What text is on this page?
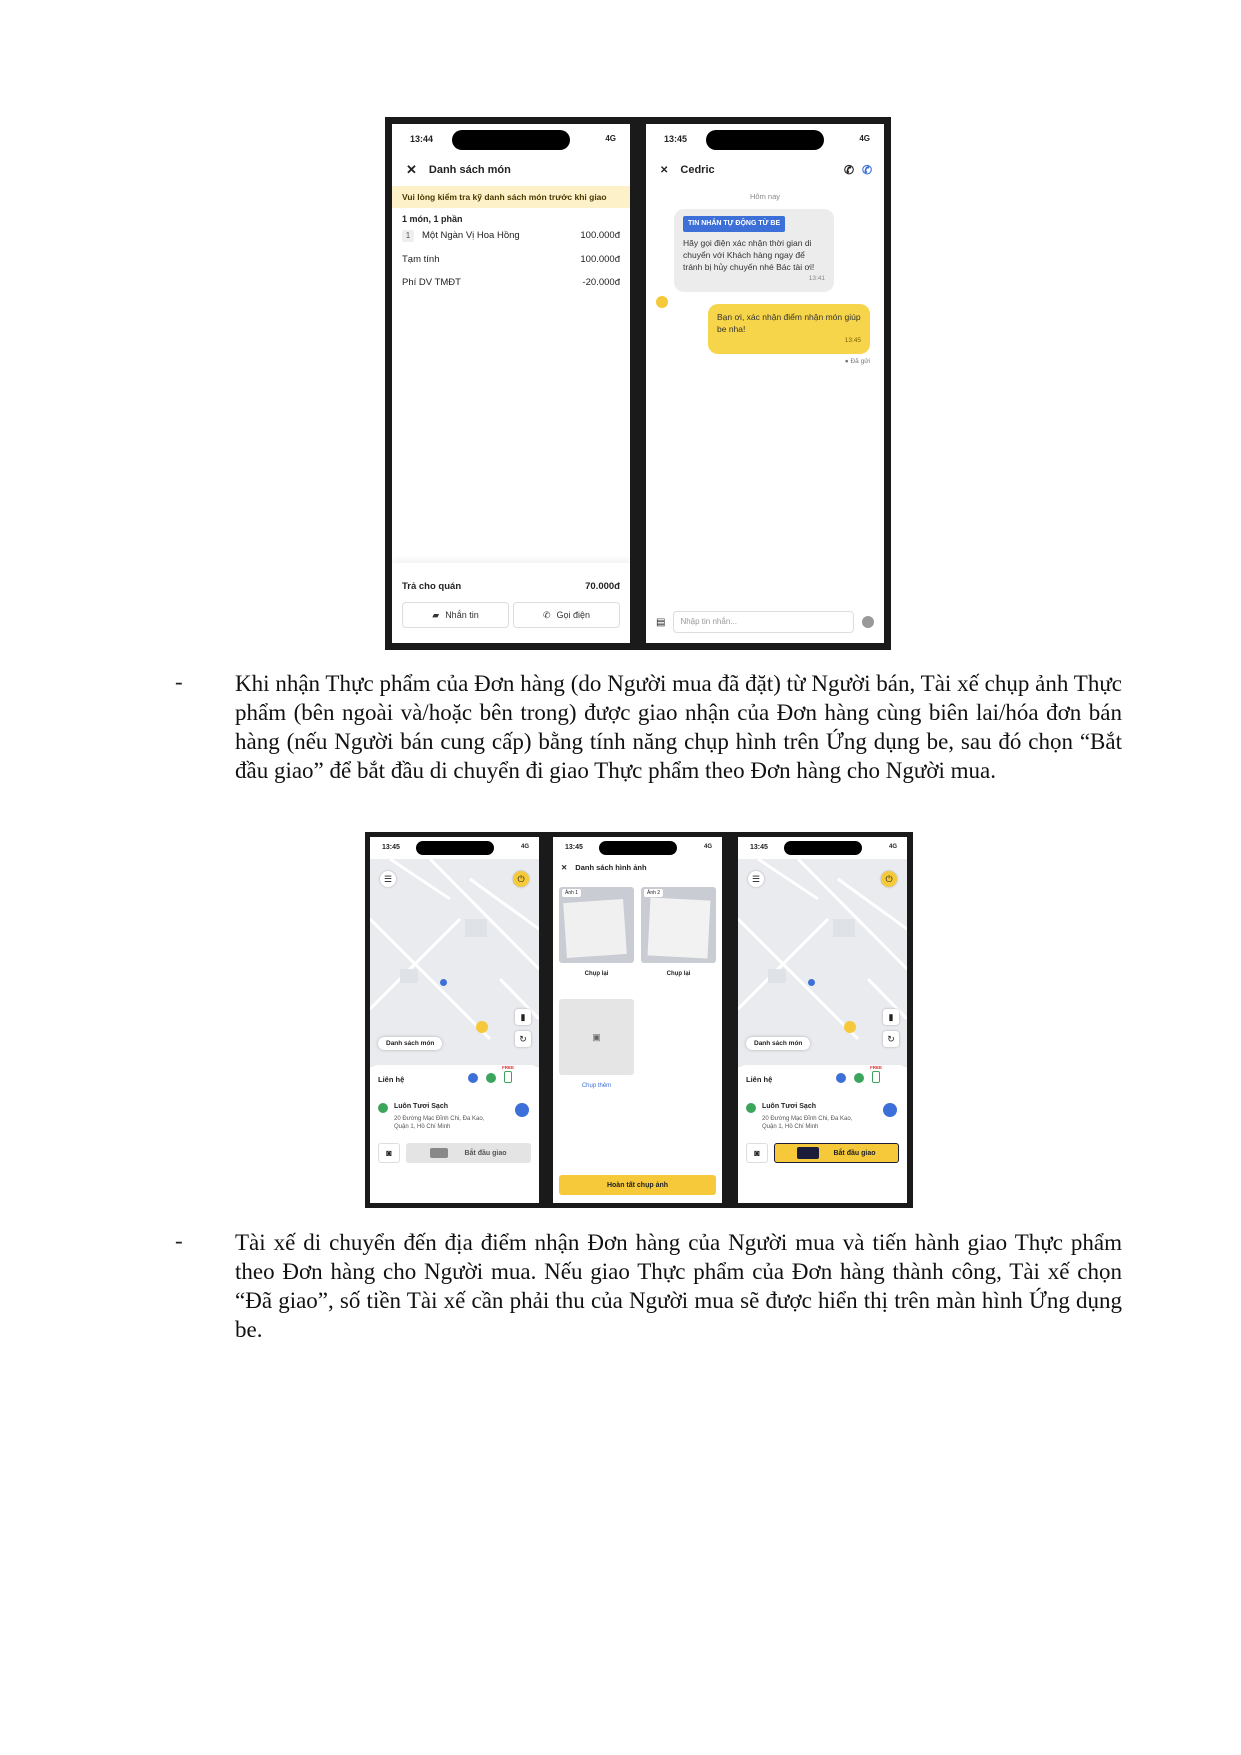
13:44	4G
✕ Danh sách món
Vui lòng kiểm tra kỹ danh sách món trước khi giao
1 món, 1 phần
1 Một Ngàn Vị Hoa Hồng	100.000đ
Tạm tính	100.000đ
Phí DV TMĐT	-20.000đ
Trả cho quán	70.000đ
▰ Nhắn tin	✆ Gọi điện
13:45	4G
✕ Cedric	✆ ✆
Hôm nay
TIN NHẮN TỰ ĐỘNG TỪ BE
Hãy gọi điện xác nhận thời gian di chuyển với Khách hàng ngay để tránh bị hủy chuyến nhé Bác tài ơi!
13:41
Bạn ơi, xác nhận điểm nhận món giúp be nha!
13:45
● Đã gửi
▤	Nhập tin nhắn...
- Khi nhận Thực phẩm của Đơn hàng (do Người mua đã đặt) từ Người bán, Tài xế chụp ảnh Thực phẩm (bên ngoài và/hoặc bên trong) được giao nhận của Đơn hàng cùng biên lai/hóa đơn bán hàng (nếu Người bán cung cấp) bằng tính năng chụp hình trên Ứng dụng be, sau đó chọn “Bắt đầu giao” để bắt đầu di chuyển đi giao Thực phẩm theo Đơn hàng cho Người mua.
13:45	4G
☰	⏻
▮
↻
Danh sách món
Liên hệ
FREE
Luôn Tươi Sạch
20 Đường Mạc Đĩnh Chi, Đa Kao, Quận 1, Hồ Chí Minh
◙	Bắt đầu giao
13:45	4G
✕ Danh sách hình ảnh
Ảnh 1	Ảnh 2
Chụp lại	Chụp lại
▣
Chụp thêm
Hoàn tất chụp ảnh
13:45	4G
☰	⏻
▮
↻
Danh sách món
Liên hệ
FREE
Luôn Tươi Sạch
20 Đường Mạc Đĩnh Chi, Đa Kao, Quận 1, Hồ Chí Minh
◙	Bắt đầu giao
- Tài xế di chuyển đến địa điểm nhận Đơn hàng của Người mua và tiến hành giao Thực phẩm theo Đơn hàng cho Người mua. Nếu giao Thực phẩm của Đơn hàng thành công, Tài xế chọn “Đã giao”, số tiền Tài xế cần phải thu của Người mua sẽ được hiển thị trên màn hình Ứng dụng be.
